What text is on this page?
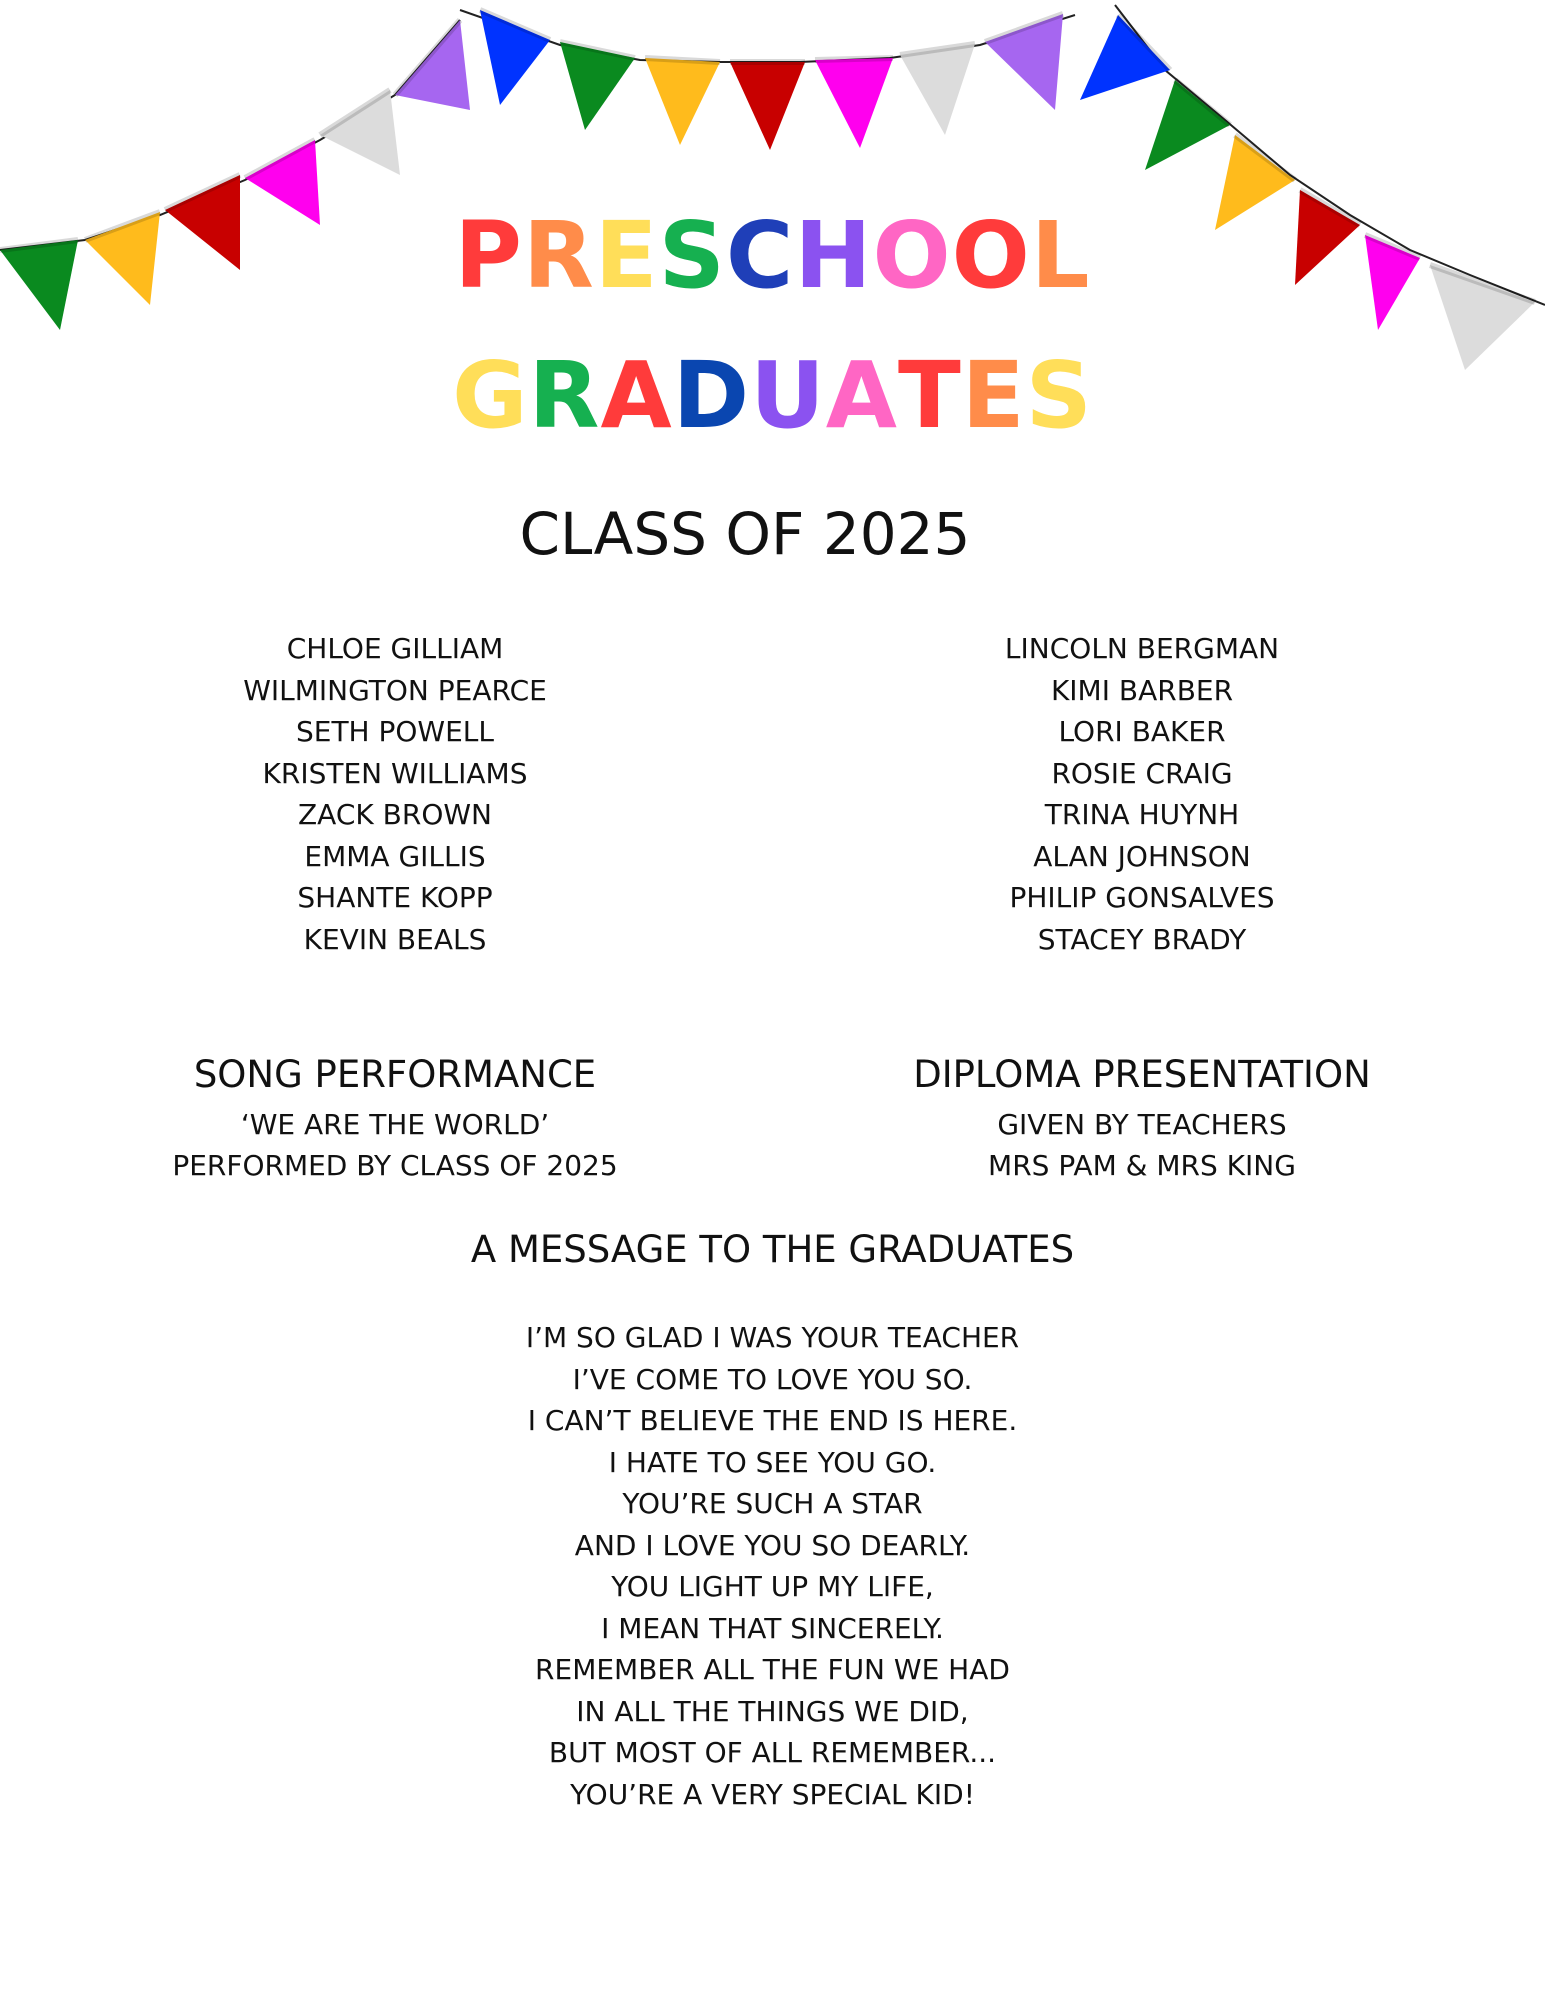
PRESCHOOL
GRADUATES
CLASS OF 2025
CHLOE GILLIAM
WILMINGTON PEARCE
SETH POWELL
KRISTEN WILLIAMS
ZACK BROWN
EMMA GILLIS
SHANTE KOPP
KEVIN BEALS
LINCOLN BERGMAN
KIMI BARBER
LORI BAKER
ROSIE CRAIG
TRINA HUYNH
ALAN JOHNSON
PHILIP GONSALVES
STACEY BRADY
SONG PERFORMANCE
‘WE ARE THE WORLD’
PERFORMED BY CLASS OF 2025
DIPLOMA PRESENTATION
GIVEN BY TEACHERS
MRS PAM & MRS KING
A MESSAGE TO THE GRADUATES
I’M SO GLAD I WAS YOUR TEACHER
I’VE COME TO LOVE YOU SO.
I CAN’T BELIEVE THE END IS HERE.
I HATE TO SEE YOU GO.
YOU’RE SUCH A STAR
AND I LOVE YOU SO DEARLY.
YOU LIGHT UP MY LIFE,
I MEAN THAT SINCERELY.
REMEMBER ALL THE FUN WE HAD
IN ALL THE THINGS WE DID,
BUT MOST OF ALL REMEMBER...
YOU’RE A VERY SPECIAL KID!
